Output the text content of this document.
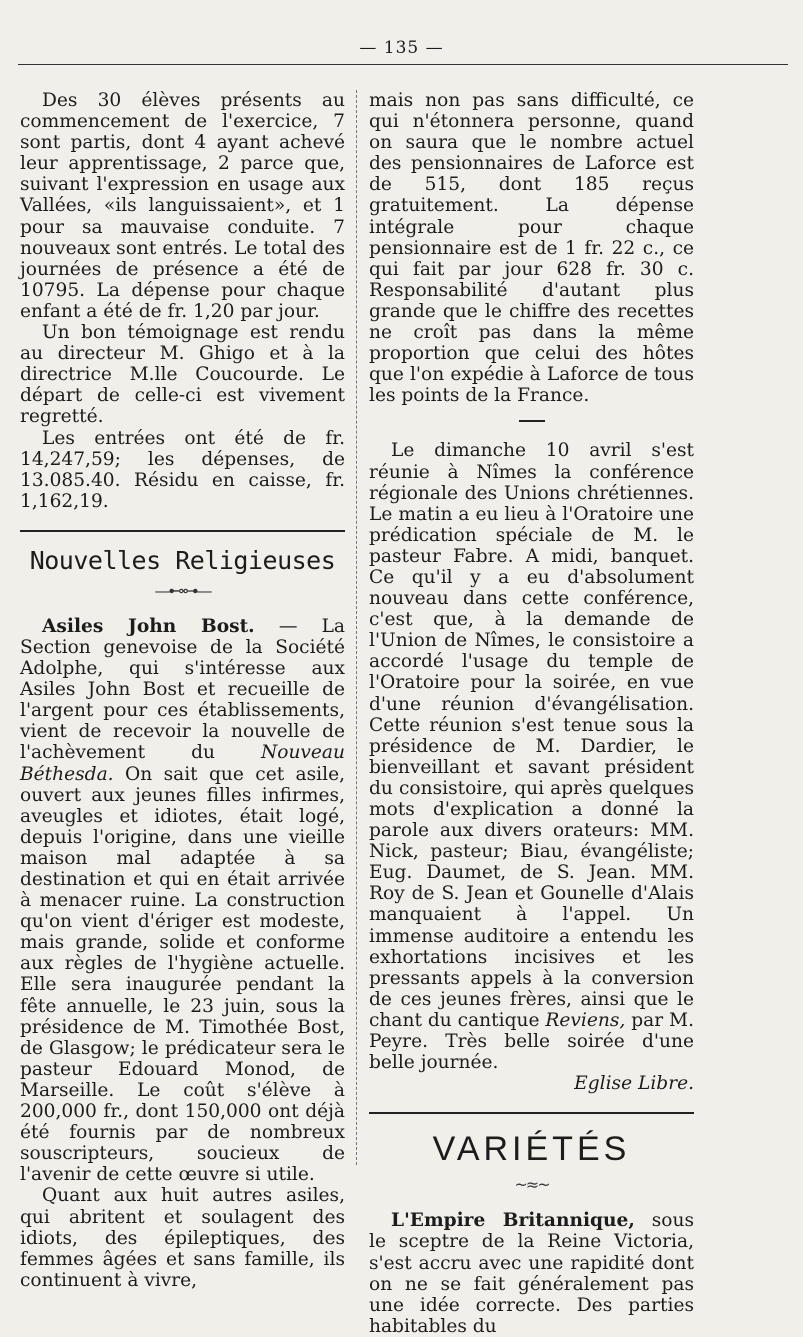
— 135 —

Des 30 élèves présents au commencement de l'exercice, 7 sont partis, dont 4 ayant achevé leur apprentissage, 2 parce que, suivant l'expression en usage aux Vallées, «ils languissaient», et 1 pour sa mauvaise conduite. 7 nouveaux sont entrés. Le total des journées de présence a été de 10795. La dépense pour chaque enfant a été de fr. 1,20 par jour.

Un bon témoignage est rendu au directeur M. Ghigo et à la directrice M.lle Coucourde. Le départ de celle-ci est vivement regretté.

Les entrées ont été de fr. 14,247,59; les dépenses, de 13.085.40. Résidu en caisse, fr. 1,162,19.

Nouvelles Religieuses
—⊷⊶—

Asiles John Bost. — La Section genevoise de la Société Adolphe, qui s'intéresse aux Asiles John Bost et recueille de l'argent pour ces établissements, vient de recevoir la nouvelle de l'achèvement du Nouveau Béthesda. On sait que cet asile, ouvert aux jeunes filles infirmes, aveugles et idiotes, était logé, depuis l'origine, dans une vieille maison mal adaptée à sa destination et qui en était arrivée à menacer ruine. La construction qu'on vient d'ériger est modeste, mais grande, solide et conforme aux règles de l'hygiène actuelle. Elle sera inaugurée pendant la fête annuelle, le 23 juin, sous la présidence de M. Timothée Bost, de Glasgow; le prédicateur sera le pasteur Edouard Monod, de Marseille. Le coût s'élève à 200,000 fr., dont 150,000 ont déjà été fournis par de nombreux souscripteurs, soucieux de l'avenir de cette œuvre si utile.

Quant aux huit autres asiles, qui abritent et soulagent des idiots, des épileptiques, des femmes âgées et sans famille, ils continuent à vivre,

mais non pas sans difficulté, ce qui n'étonnera personne, quand on saura que le nombre actuel des pensionnaires de Laforce est de 515, dont 185 reçus gratuitement. La dépense intégrale pour chaque pensionnaire est de 1 fr. 22 c., ce qui fait par jour 628 fr. 30 c. Responsabilité d'autant plus grande que le chiffre des recettes ne croît pas dans la même proportion que celui des hôtes que l'on expédie à Laforce de tous les points de la France.

Le dimanche 10 avril s'est réunie à Nîmes la conférence régionale des Unions chrétiennes. Le matin a eu lieu à l'Oratoire une prédication spéciale de M. le pasteur Fabre. A midi, banquet. Ce qu'il y a eu d'absolument nouveau dans cette conférence, c'est que, à la demande de l'Union de Nîmes, le consistoire a accordé l'usage du temple de l'Oratoire pour la soirée, en vue d'une réunion d'évangélisation. Cette réunion s'est tenue sous la présidence de M. Dardier, le bienveillant et savant président du consistoire, qui après quelques mots d'explication a donné la parole aux divers orateurs: MM. Nick, pasteur; Biau, évangéliste; Eug. Daumet, de S. Jean. MM. Roy de S. Jean et Gounelle d'Alais manquaient à l'appel. Un immense auditoire a entendu les exhortations incisives et les pressants appels à la conversion de ces jeunes frères, ainsi que le chant du cantique Reviens, par M. Peyre. Très belle soirée d'une belle journée.

Eglise Libre.

VARIÉTÉS
~≈~

L'Empire Britannique, sous le sceptre de la Reine Victoria, s'est accru avec une rapidité dont on ne se fait généralement pas une idée correcte. Des parties habitables du
